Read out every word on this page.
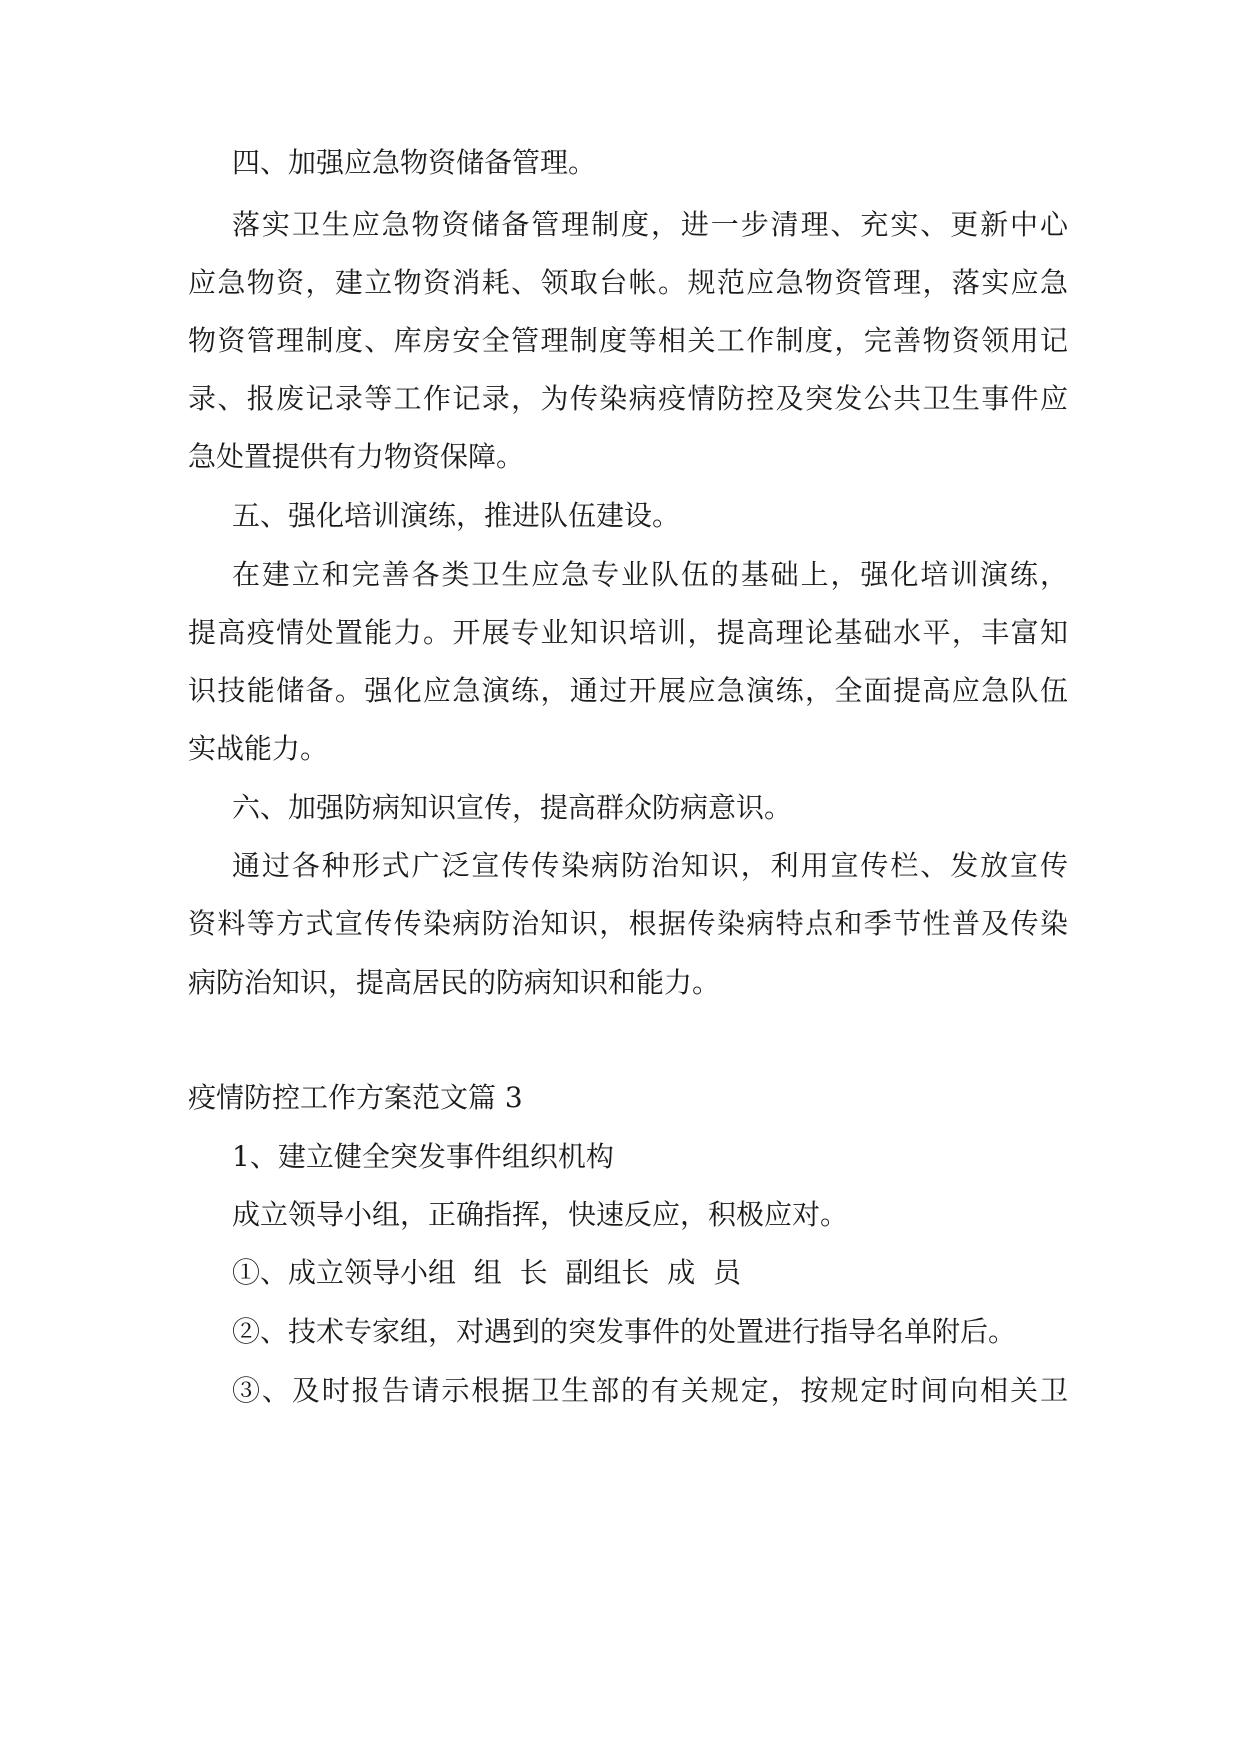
四、加强应急物资储备管理。
落实卫生应急物资储备管理制度，进一步清理、充实、更新中心
应急物资，建立物资消耗、领取台帐。规范应急物资管理，落实应急
物资管理制度、库房安全管理制度等相关工作制度，完善物资领用记
录、报废记录等工作记录，为传染病疫情防控及突发公共卫生事件应
急处置提供有力物资保障。
五、强化培训演练，推进队伍建设。
在建立和完善各类卫生应急专业队伍的基础上，强化培训演练，
提高疫情处置能力。开展专业知识培训，提高理论基础水平，丰富知
识技能储备。强化应急演练，通过开展应急演练，全面提高应急队伍
实战能力。
六、加强防病知识宣传，提高群众防病意识。
通过各种形式广泛宣传传染病防治知识，利用宣传栏、发放宣传
资料等方式宣传传染病防治知识，根据传染病特点和季节性普及传染
病防治知识，提高居民的防病知识和能力。
疫情防控工作方案范文篇 3
1、建立健全突发事件组织机构
成立领导小组，正确指挥，快速反应，积极应对。
①、成立领导小组  组  长  副组长  成  员
②、技术专家组，对遇到的突发事件的处置进行指导名单附后。
③、及时报告请示根据卫生部的有关规定，按规定时间向相关卫
